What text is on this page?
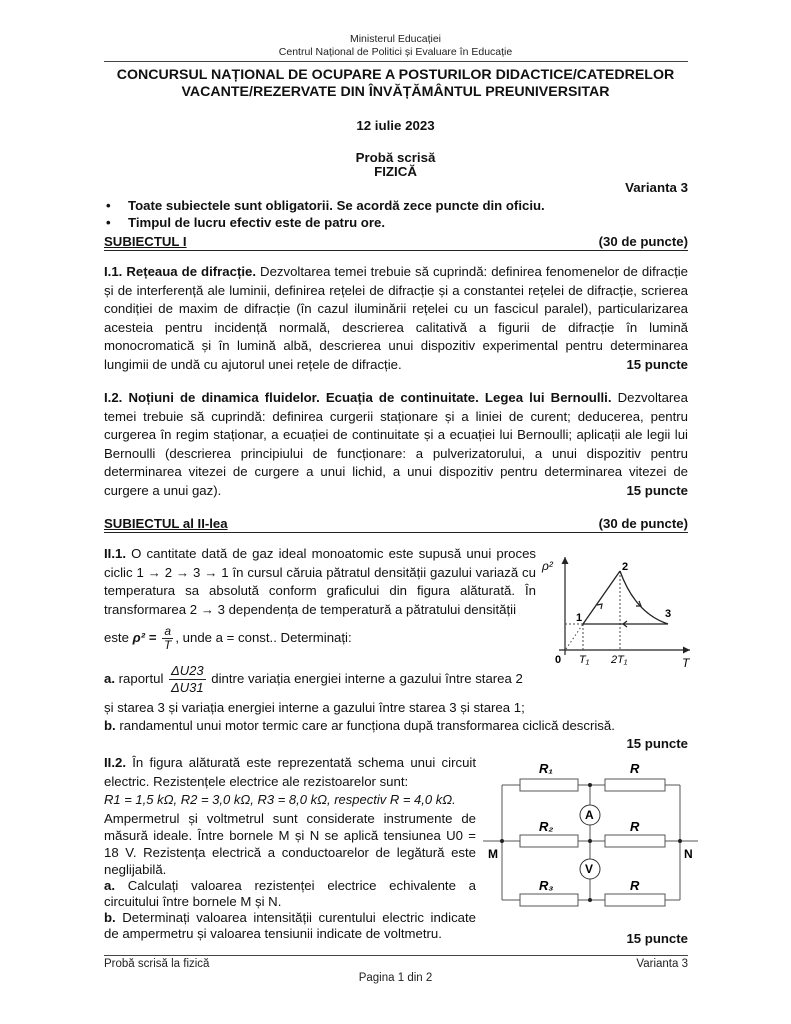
Ministerul Educației
Centrul Național de Politici și Evaluare în Educație
CONCURSUL NAȚIONAL DE OCUPARE A POSTURILOR DIDACTICE/CATEDRELOR
VACANTE/REZERVATE DIN ÎNVĂȚĂMÂNTUL PREUNIVERSITAR
12 iulie 2023
Probă scrisă
FIZICĂ
Varianta 3
• Toate subiectele sunt obligatorii. Se acordă zece puncte din oficiu.
• Timpul de lucru efectiv este de patru ore.
SUBIECTUL I	(30 de puncte)
I.1. Rețeaua de difracție. Dezvoltarea temei trebuie să cuprindă: definirea fenomenelor de difracție și de interferență ale luminii, definirea rețelei de difracție și a constantei rețelei de difracție, scrierea condiției de maxim de difracție (în cazul iluminării rețelei cu un fascicul paralel), particularizarea acesteia pentru incidență normală, descrierea calitativă a figurii de difracție în lumină monocromatică și în lumină albă, descrierea unui dispozitiv experimental pentru determinarea lungimii de undă cu ajutorul unei rețele de difracție.	15 puncte
I.2. Noțiuni de dinamica fluidelor. Ecuația de continuitate. Legea lui Bernoulli. Dezvoltarea temei trebuie să cuprindă: definirea curgerii staționare și a liniei de curent; deducerea, pentru curgerea în regim staționar, a ecuației de continuitate și a ecuației lui Bernoulli; aplicații ale legii lui Bernoulli (descrierea principiului de funcționare: a pulverizatorului, a unui dispozitiv pentru determinarea vitezei de curgere a unui lichid, a unui dispozitiv pentru determinarea vitezei de curgere a unui gaz).	15 puncte
SUBIECTUL al II-lea	(30 de puncte)
II.1. O cantitate dată de gaz ideal monoatomic este supusă unui proces ciclic 1 → 2 → 3 → 1 în cursul căruia pătratul densității gazului variază cu temperatura sa absolută conform graficului din figura alăturată. În transformarea 2 → 3 dependența de temperatură a pătratului densității
este $\rho^2 = \frac{a}{T}$ , unde a = const.. Determinați:
a. raportul $\frac{\Delta U23}{\Delta U31}$ dintre variația energiei interne a gazului între starea 2
și starea 3 și variația energiei interne a gazului între starea 3 și starea 1;
b. randamentul unui motor termic care ar funcționa după transformarea ciclică descrisă.
15 puncte
ρ²
T
0 T₁ 2T₁
1
2
3
II.2. În figura alăturată este reprezentată schema unui circuit electric. Rezistențele electrice ale rezistoarelor sunt:
R1 = 1,5 kΩ, R2 = 3,0 kΩ, R3 = 8,0 kΩ, respectiv R = 4,0 kΩ.
Ampermetrul și voltmetrul sunt considerate instrumente de măsură ideale. Între bornele M și N se aplică tensiunea U0 = 18 V. Rezistența electrică a conductoarelor de legătură este neglijabilă.
a. Calculați valoarea rezistenței electrice echivalente a circuitului între bornele M și N.
b. Determinați valoarea intensității curentului electric indicate de ampermetru și valoarea tensiunii indicate de voltmetru.
R₁	R
R₂	R
R₃	R
A
V
M	N
15 puncte
Probă scrisă la fizică	Varianta 3
Pagina 1 din 2
